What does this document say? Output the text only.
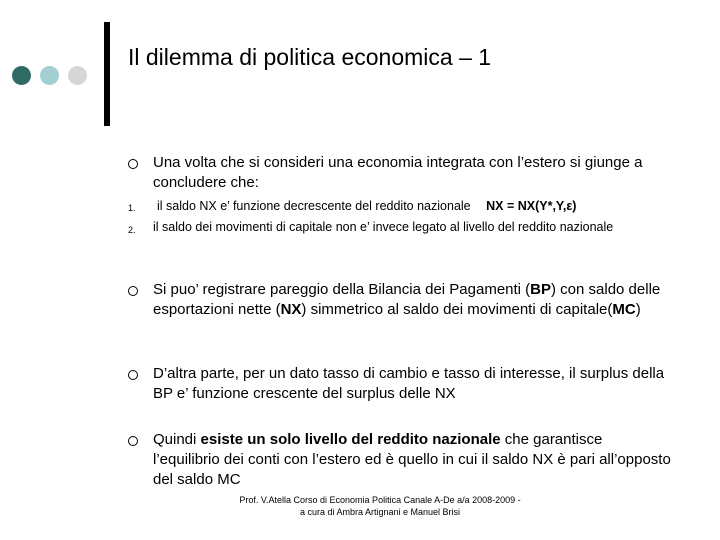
Il dilemma di politica economica – 1

Una volta che si consideri una economia integrata con l’estero si giunge a concludere che:

1.	il saldo NX e’ funzione decrescente del reddito nazionale NX = NX(Y*,Y,ε)
2. il saldo dei movimenti di capitale non e’ invece legato al livello del reddito nazionale

Si puo’ registrare pareggio della Bilancia dei Pagamenti (BP) con saldo delle esportazioni nette (NX) simmetrico al saldo dei movimenti di capitale(MC)

D’altra parte, per un dato tasso di cambio e tasso di interesse, il surplus della BP e’ funzione crescente del surplus delle NX

Quindi esiste un solo livello del reddito nazionale che garantisce l’equilibrio dei conti con l’estero ed è quello in cui il saldo NX è pari all’opposto del saldo MC

Prof. V.Atella Corso di Economia Politica Canale A-De a/a 2008-2009 -
a cura di Ambra Artignani e Manuel Brisi
